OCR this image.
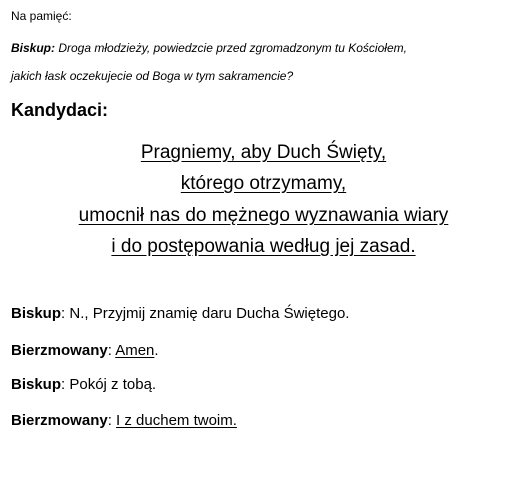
Na pamięć:
Biskup: Droga młodzieży, powiedzcie przed zgromadzonym tu Kościołem,
jakich łask oczekujecie od Boga w tym sakramencie?
Kandydaci:
Pragniemy, aby Duch Święty,
którego otrzymamy,
umocnił nas do mężnego wyznawania wiary
i do postępowania według jej zasad.
Biskup: N., Przyjmij znamię daru Ducha Świętego.
Bierzmowany: Amen.
Biskup: Pokój z tobą.
Bierzmowany: I z duchem twoim.
